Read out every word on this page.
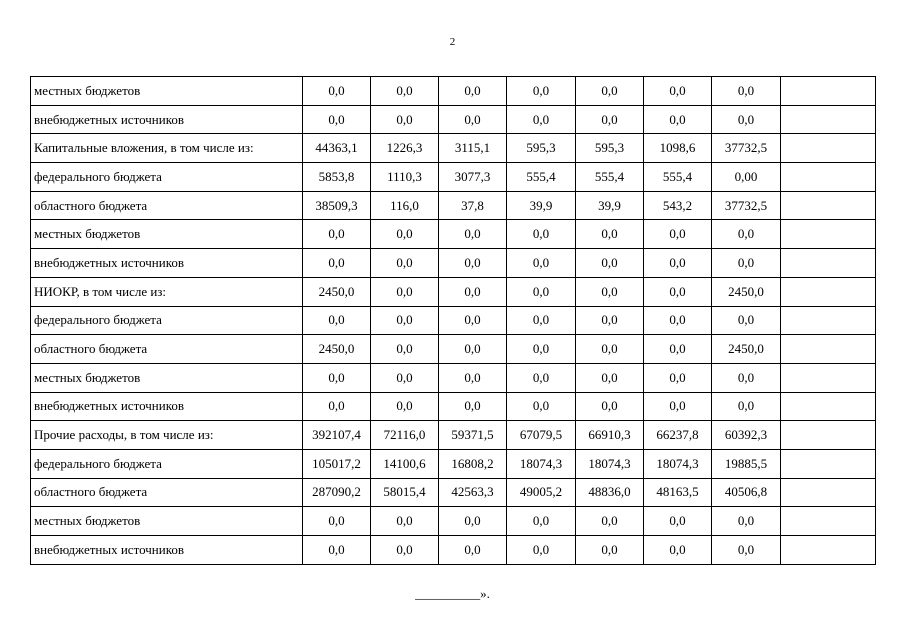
2
местных бюджетов	0,0	0,0	0,0	0,0	0,0	0,0	0,0	
внебюджетных источников	0,0	0,0	0,0	0,0	0,0	0,0	0,0	
Капитальные вложения, в том числе из:	44363,1	1226,3	3115,1	595,3	595,3	1098,6	37732,5	
федерального бюджета	5853,8	1110,3	3077,3	555,4	555,4	555,4	0,00	
областного бюджета	38509,3	116,0	37,8	39,9	39,9	543,2	37732,5	
местных бюджетов	0,0	0,0	0,0	0,0	0,0	0,0	0,0	
внебюджетных источников	0,0	0,0	0,0	0,0	0,0	0,0	0,0	
НИОКР, в том числе из:	2450,0	0,0	0,0	0,0	0,0	0,0	2450,0	
федерального бюджета	0,0	0,0	0,0	0,0	0,0	0,0	0,0	
областного бюджета	2450,0	0,0	0,0	0,0	0,0	0,0	2450,0	
местных бюджетов	0,0	0,0	0,0	0,0	0,0	0,0	0,0	
внебюджетных источников	0,0	0,0	0,0	0,0	0,0	0,0	0,0	
Прочие расходы, в том числе из:	392107,4	72116,0	59371,5	67079,5	66910,3	66237,8	60392,3	
федерального бюджета	105017,2	14100,6	16808,2	18074,3	18074,3	18074,3	19885,5	
областного бюджета	287090,2	58015,4	42563,3	49005,2	48836,0	48163,5	40506,8	
местных бюджетов	0,0	0,0	0,0	0,0	0,0	0,0	0,0	
внебюджетных источников	0,0	0,0	0,0	0,0	0,0	0,0	0,0	
__________».
